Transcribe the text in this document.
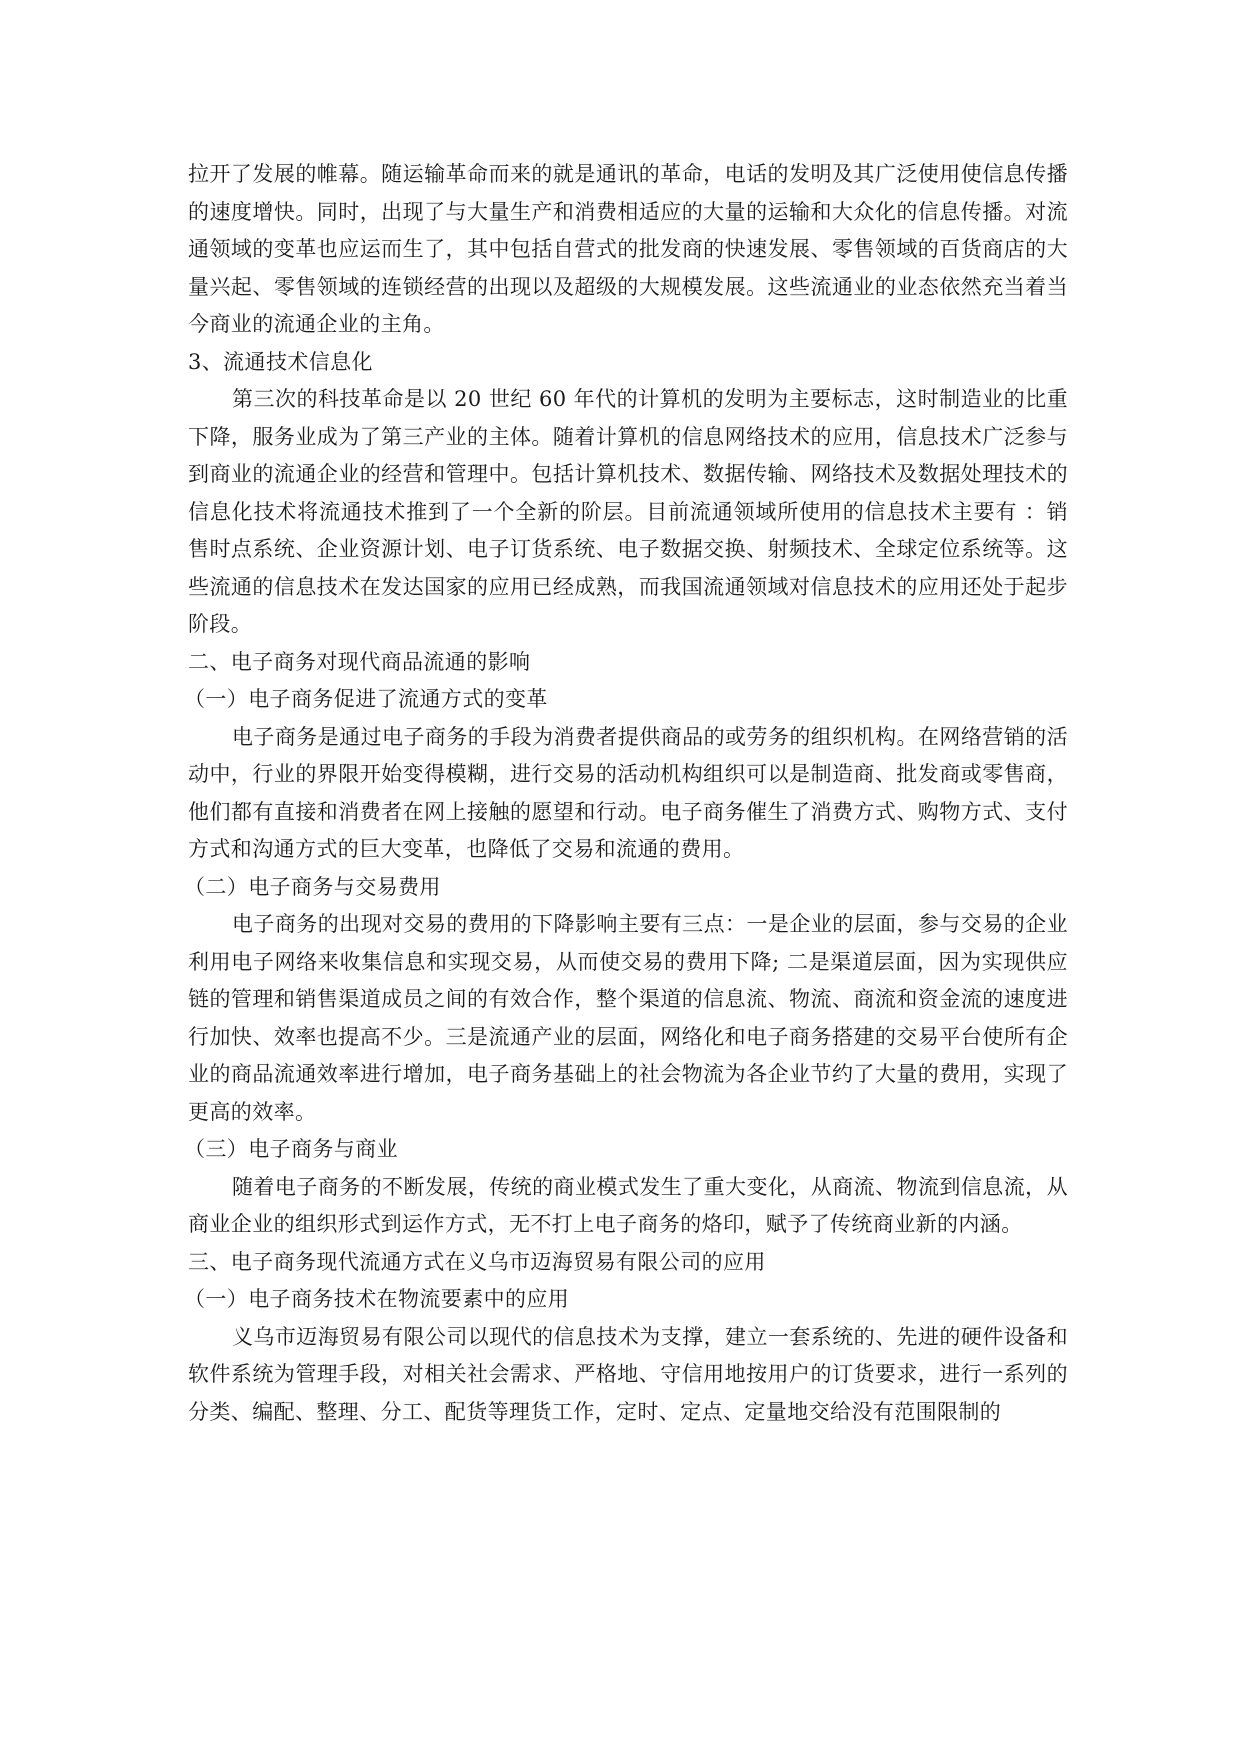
拉开了发展的帷幕。随运输革命而来的就是通讯的革命，电话的发明及其广泛使用使信息传播的速度增快。同时，出现了与大量生产和消费相适应的大量的运输和大众化的信息传播。对流通领域的变革也应运而生了，其中包括自营式的批发商的快速发展、零售领域的百货商店的大量兴起、零售领域的连锁经营的出现以及超级的大规模发展。这些流通业的业态依然充当着当今商业的流通企业的主角。

3、流通技术信息化

第三次的科技革命是以 20 世纪 60 年代的计算机的发明为主要标志，这时制造业的比重下降，服务业成为了第三产业的主体。随着计算机的信息网络技术的应用，信息技术广泛参与到商业的流通企业的经营和管理中。包括计算机技术、数据传输、网络技术及数据处理技术的信息化技术将流通技术推到了一个全新的阶层。目前流通领域所使用的信息技术主要有 ：销售时点系统、企业资源计划、电子订货系统、电子数据交换、射频技术、全球定位系统等。这些流通的信息技术在发达国家的应用已经成熟，而我国流通领域对信息技术的应用还处于起步阶段。

二、电子商务对现代商品流通的影响

（一）电子商务促进了流通方式的变革

电子商务是通过电子商务的手段为消费者提供商品的或劳务的组织机构。在网络营销的活动中，行业的界限开始变得模糊，进行交易的活动机构组织可以是制造商、批发商或零售商，他们都有直接和消费者在网上接触的愿望和行动。电子商务催生了消费方式、购物方式、支付方式和沟通方式的巨大变革，也降低了交易和流通的费用。

（二）电子商务与交易费用

电子商务的出现对交易的费用的下降影响主要有三点：一是企业的层面，参与交易的企业利用电子网络来收集信息和实现交易，从而使交易的费用下降; 二是渠道层面，因为实现供应链的管理和销售渠道成员之间的有效合作，整个渠道的信息流、物流、商流和资金流的速度进行加快、效率也提高不少。三是流通产业的层面，网络化和电子商务搭建的交易平台使所有企业的商品流通效率进行增加，电子商务基础上的社会物流为各企业节约了大量的费用，实现了更高的效率。

（三）电子商务与商业

随着电子商务的不断发展，传统的商业模式发生了重大变化，从商流、物流到信息流，从商业企业的组织形式到运作方式，无不打上电子商务的烙印，赋予了传统商业新的内涵。

三、电子商务现代流通方式在义乌市迈海贸易有限公司的应用

（一）电子商务技术在物流要素中的应用

义乌市迈海贸易有限公司以现代的信息技术为支撑，建立一套系统的、先进的硬件设备和软件系统为管理手段，对相关社会需求、严格地、守信用地按用户的订货要求，进行一系列的分类、编配、整理、分工、配货等理货工作，定时、定点、定量地交给没有范围限制的
